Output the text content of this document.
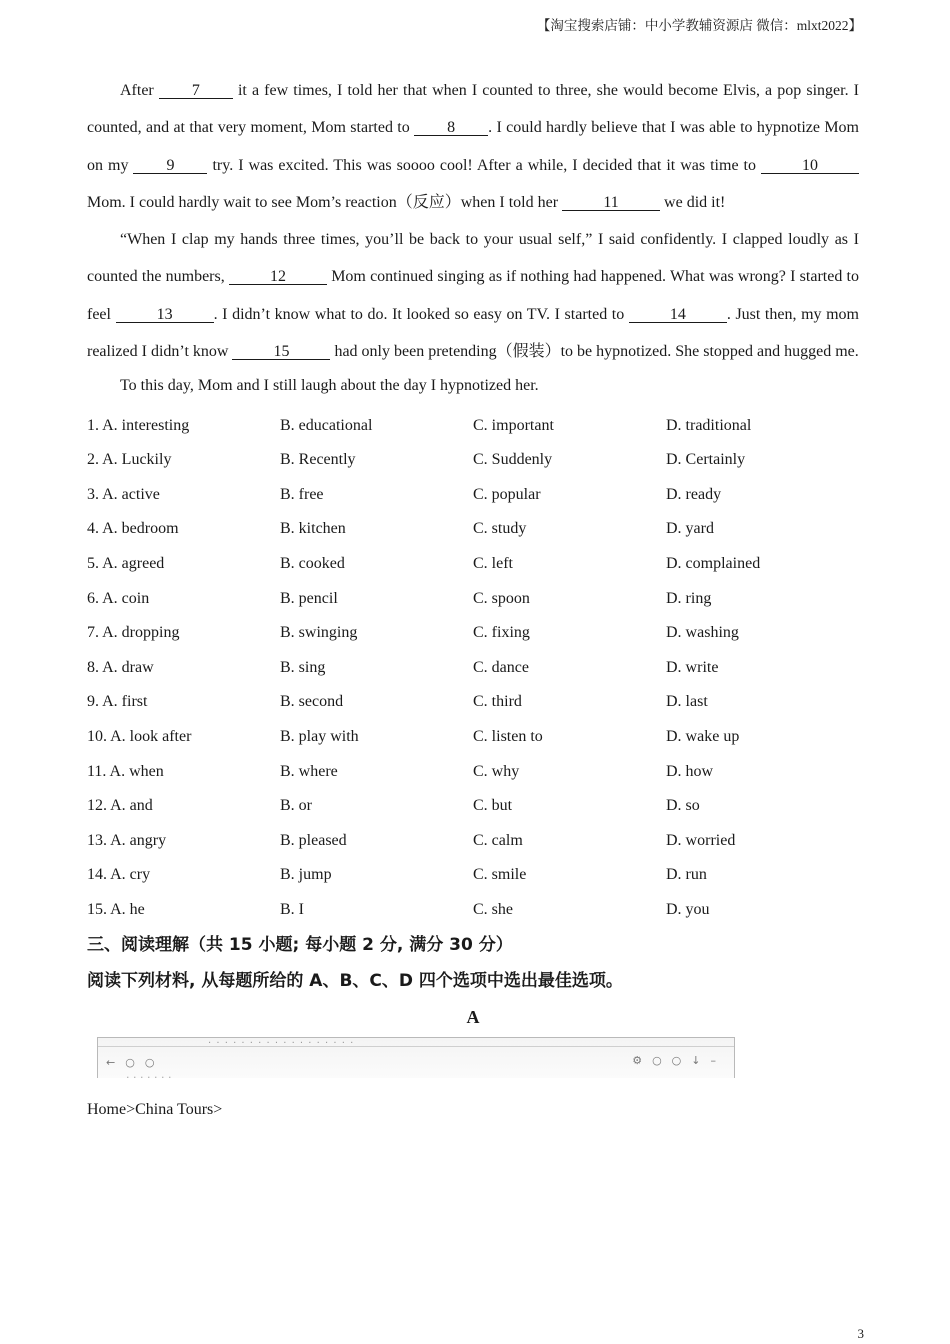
【淘宝搜索店铺：中小学教辅资源店 微信：mlxt2022】

After 7 it a few times, I told her that when I counted to three, she would become Elvis, a pop singer. I counted, and at that very moment, Mom started to 8 . I could hardly believe that I was able to hypnotize Mom on my 9 try. I was excited. This was soooo cool! After a while, I decided that it was time to	10 Mom. I could hardly wait to see Mom’s reaction（反应）when I told her	11	we did it!

“When I clap my hands three times, you’ll be back to your usual self,” I said confidently. I clapped loudly as I counted the numbers,	12	Mom continued singing as if nothing had happened. What was wrong? I started to feel	13	. I didn’t know what to do. It looked so easy on TV. I started to	14	. Just then, my mom realized I didn’t know	15	had only been pretending（假装）to be hypnotized. She stopped and hugged me.

To this day, Mom and I still laugh about the day I hypnotized her.

1. A. interesting	B. educational	C. important	D. traditional
2. A. Luckily	B. Recently	C. Suddenly	D. Certainly
3. A. active	B. free	C. popular	D. ready
4. A. bedroom	B. kitchen	C. study	D. yard
5. A. agreed	B. cooked	C. left	D. complained
6. A. coin	B. pencil	C. spoon	D. ring
7. A. dropping	B. swinging	C. fixing	D. washing
8. A. draw	B. sing	C. dance	D. write
9. A. first	B. second	C. third	D. last
10. A. look after	B. play with	C. listen to	D. wake up
11. A. when	B. where	C. why	D. how
12. A. and	B. or	C. but	D. so
13. A. angry	B. pleased	C. calm	D. worried
14. A. cry	B. jump	C. smile	D. run
15. A. he	B. I	C. she	D. you

三、阅读理解（共 15 小题; 每小题 2 分, 满分 30 分）

阅读下列材料, 从每题所给的 A、B、C、D 四个选项中选出最佳选项。

A

· · · · · · · · · · · · · · · · · ·
← ○ ○	⚙ ○ ○ ↓ –
· · · · · · ·
Home>China Tours>
3
